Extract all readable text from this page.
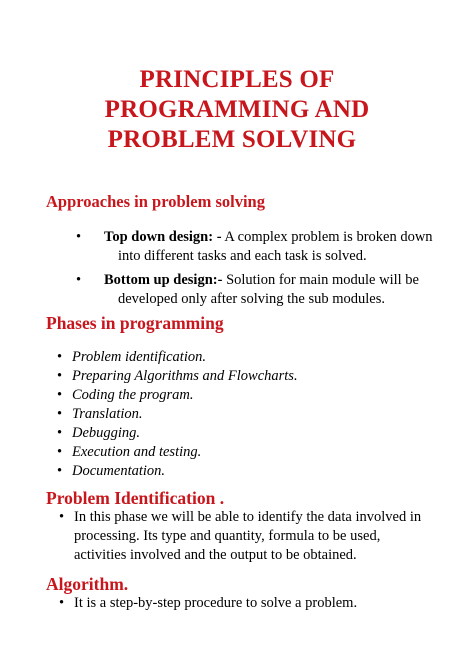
PRINCIPLES OF
PROGRAMMING AND
PROBLEM SOLVING
Approaches in problem solving
• Top down design: - A complex problem is broken down
into different tasks and each task is solved.
• Bottom up design:- Solution for main module will be
developed only after solving the sub modules.
Phases in programming
• Problem identification.
• Preparing Algorithms and Flowcharts.
• Coding the program.
• Translation.
• Debugging.
• Execution and testing.
• Documentation.
Problem Identification .
• In this phase we will be able to identify the data involved in processing. Its type and quantity, formula to be used, activities involved and the output to be obtained.
Algorithm.
• It is a step-by-step procedure to solve a problem.
